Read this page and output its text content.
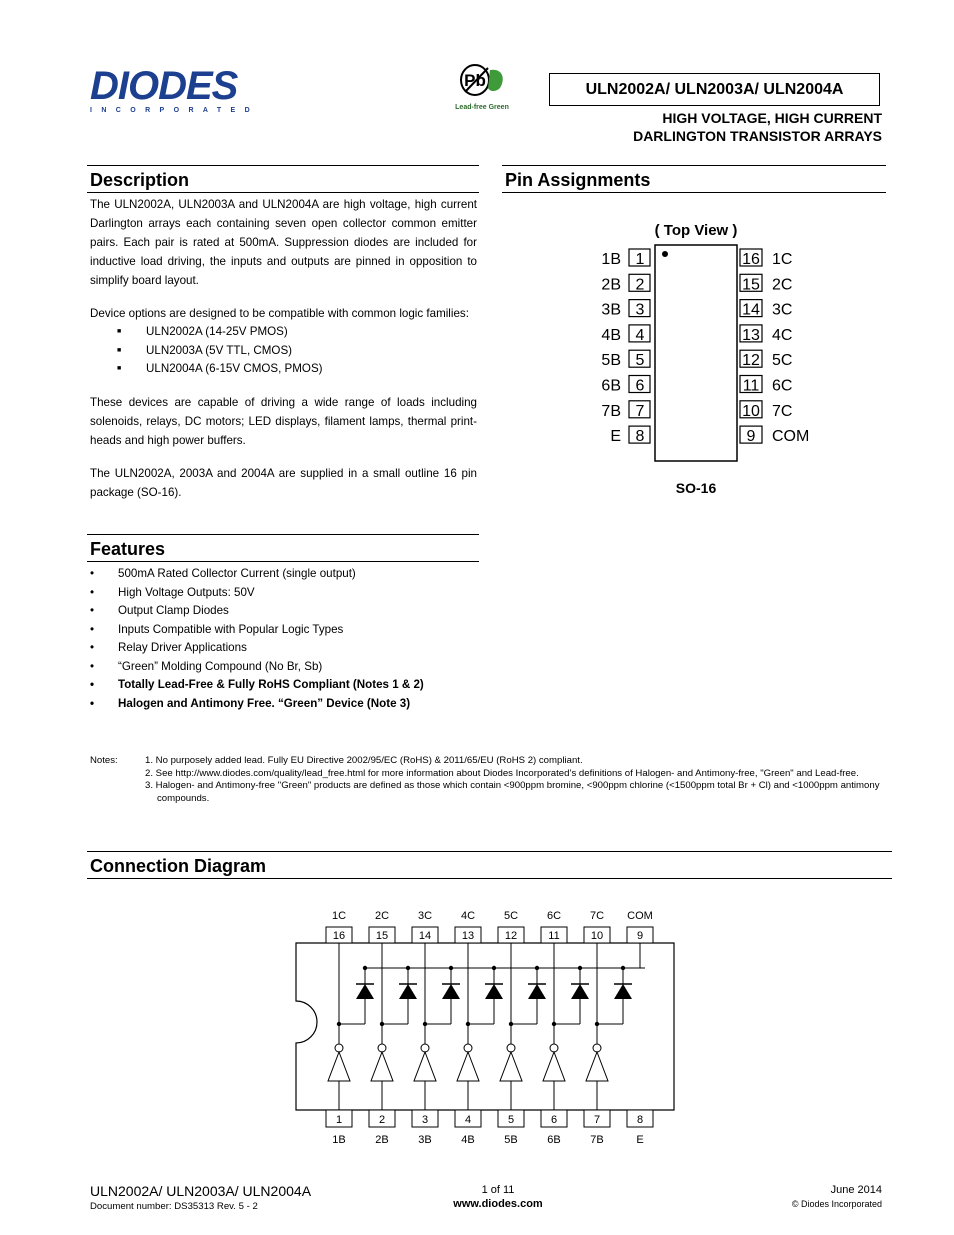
DIODES
INCORPORATED
Pb
Lead-free Green
ULN2002A/ ULN2003A/ ULN2004A
HIGH VOLTAGE, HIGH CURRENT
DARLINGTON TRANSISTOR ARRAYS
Description

The ULN2002A, ULN2003A and ULN2004A are high voltage, high current Darlington arrays each containing seven open collector common emitter pairs. Each pair is rated at 500mA. Suppression diodes are included for inductive load driving, the inputs and outputs are pinned in opposition to simplify board layout.

Device options are designed to be compatible with common logic families:

■ ULN2002A (14-25V PMOS)
■ ULN2003A (5V TTL, CMOS)
■ ULN2004A (6-15V CMOS, PMOS)

These devices are capable of driving a wide range of loads including solenoids, relays, DC motors; LED displays, filament lamps, thermal print-heads and high power buffers.

The ULN2002A, 2003A and 2004A are supplied in a small outline 16 pin package (SO-16).

Features
• 500mA Rated Collector Current (single output)
• High Voltage Outputs: 50V
• Output Clamp Diodes
• Inputs Compatible with Popular Logic Types
• Relay Driver Applications
• “Green” Molding Compound (No Br, Sb)
• Totally Lead-Free & Fully RoHS Compliant (Notes 1 & 2)
• Halogen and Antimony Free. “Green” Device (Note 3)
Pin Assignments
( Top View )
1B 1
2B 2
3B 3
4B 4
5B 5
6B 6
7B 7
E 8
16 1C
15 2C
14 3C
13 4C
12 5C
11 6C
10 7C
9 COM
SO-16
Notes:	1. No purposely added lead. Fully EU Directive 2002/95/EC (RoHS) & 2011/65/EU (RoHS 2) compliant.
2. See http://www.diodes.com/quality/lead_free.html for more information about Diodes Incorporated’s definitions of Halogen- and Antimony-free, "Green" and Lead-free.
3. Halogen- and Antimony-free "Green" products are defined as those which contain <900ppm bromine, <900ppm chlorine (<1500ppm total Br + Cl) and <1000ppm antimony compounds.
Connection Diagram
1C
16
1
1B
2C
15
2
2B
3C
14
3
3B
4C
13
4
4B
5C
12
5
5B
6C
11
6
6B
7C
10
7
7B
COM
9
8
E
ULN2002A/ ULN2003A/ ULN2004A
Document number: DS35313 Rev. 5 - 2
1 of 11
www.diodes.com
June 2014
© Diodes Incorporated
